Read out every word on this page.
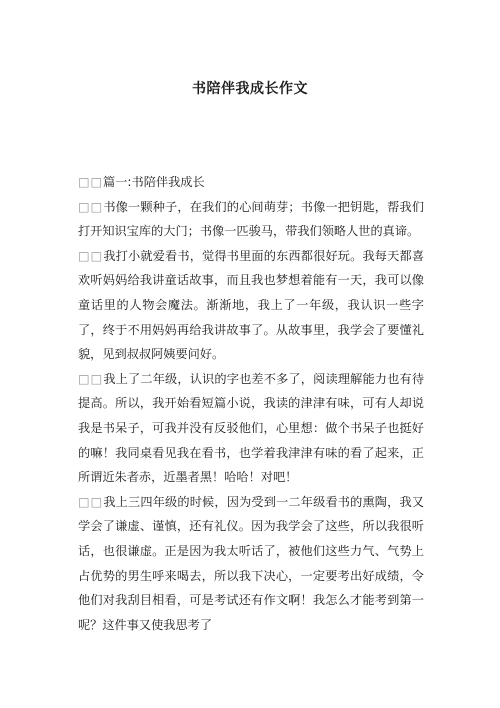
书陪伴我成长作文

□□篇一:书陪伴我成长

□□书像一颗种子，在我们的心间萌芽；书像一把钥匙，帮我们打开知识宝库的大门；书像一匹骏马，带我们领略人世的真谛。

□□我打小就爱看书，觉得书里面的东西都很好玩。我每天都喜欢听妈妈给我讲童话故事，而且我也梦想着能有一天，我可以像童话里的人物会魔法。渐渐地，我上了一年级，我认识一些字了，终于不用妈妈再给我讲故事了。从故事里，我学会了要懂礼貌，见到叔叔阿姨要问好。

□□我上了二年级，认识的字也差不多了，阅读理解能力也有待提高。所以，我开始看短篇小说，我读的津津有味，可有人却说我是书呆子，可我并没有反驳他们，心里想：做个书呆子也挺好的嘛！我同桌看见我在看书，也学着我津津有味的看了起来，正所谓近朱者赤，近墨者黑！哈哈！对吧！

□□我上三四年级的时候，因为受到一二年级看书的熏陶，我又学会了谦虚、谨慎，还有礼仪。因为我学会了这些，所以我很听话，也很谦虚。正是因为我太听话了，被他们这些力气、气势上占优势的男生呼来喝去，所以我下决心，一定要考出好成绩，令他们对我刮目相看，可是考试还有作文啊！我怎么才能考到第一呢？这件事又使我思考了
